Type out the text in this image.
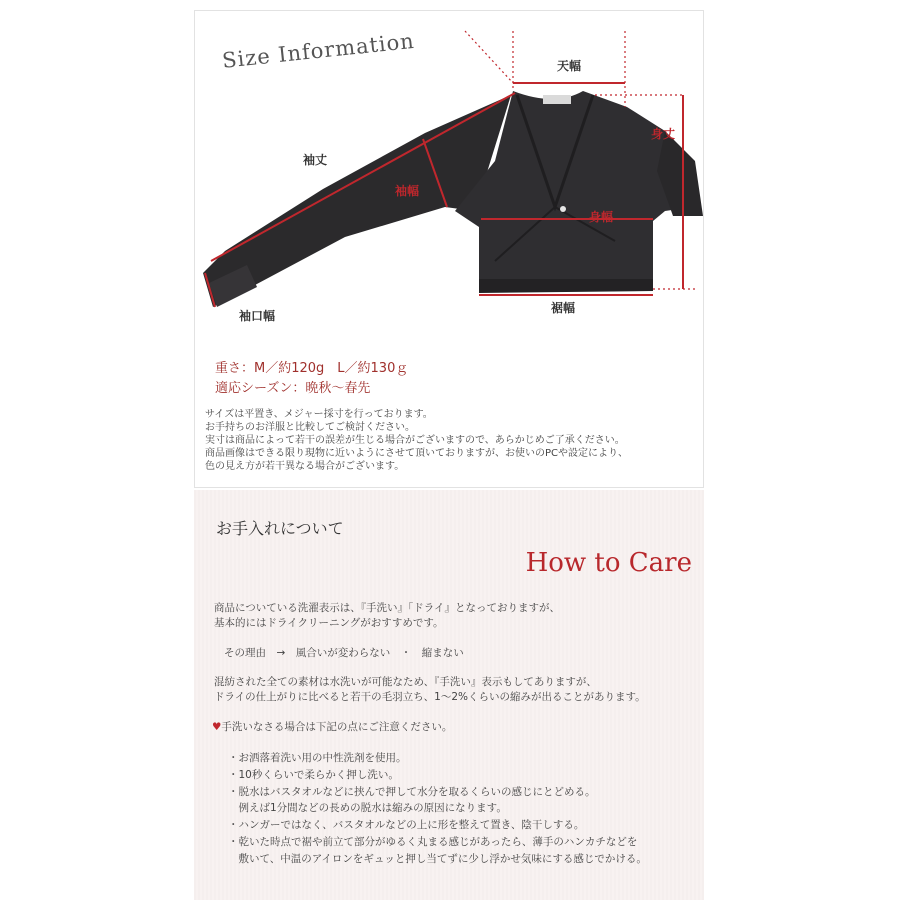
Size Information	天幅
身丈
袖丈
袖幅
身幅
裾幅
袖口幅
重さ：M／約120g　L／約130ｇ
適応シーズン：晩秋〜春先
サイズは平置き、メジャー採寸を行っております。
お手持ちのお洋服と比較してご検討ください。
実寸は商品によって若干の誤差が生じる場合がございますので、あらかじめご了承ください。
商品画像はできる限り現物に近いようにさせて頂いておりますが、お使いのPCや設定により、
色の見え方が若干異なる場合がございます。
お手入れについて
How to Care
商品についている洗濯表示は、『手洗い』「ドライ』となっておりますが、
基本的にはドライクリーニングがおすすめです。
その理由　→　風合いが変わらない　・　縮まない
混紡された全ての素材は水洗いが可能なため、『手洗い』表示もしてありますが、
ドライの仕上がりに比べると若干の毛羽立ち、1〜2%くらいの縮みが出ることがあります。
♥手洗いなさる場合は下記の点にご注意ください。
・お洒落着洗い用の中性洗剤を使用。
・10秒くらいで柔らかく押し洗い。
・脱水はバスタオルなどに挟んで押して水分を取るくらいの感じにとどめる。
　例えば1分間などの長めの脱水は縮みの原因になります。
・ハンガーではなく、バスタオルなどの上に形を整えて置き、陰干しする。
・乾いた時点で裾や前立て部分がゆるく丸まる感じがあったら、薄手のハンカチなどを
　敷いて、中温のアイロンをギュッと押し当てずに少し浮かせ気味にする感じでかける。
